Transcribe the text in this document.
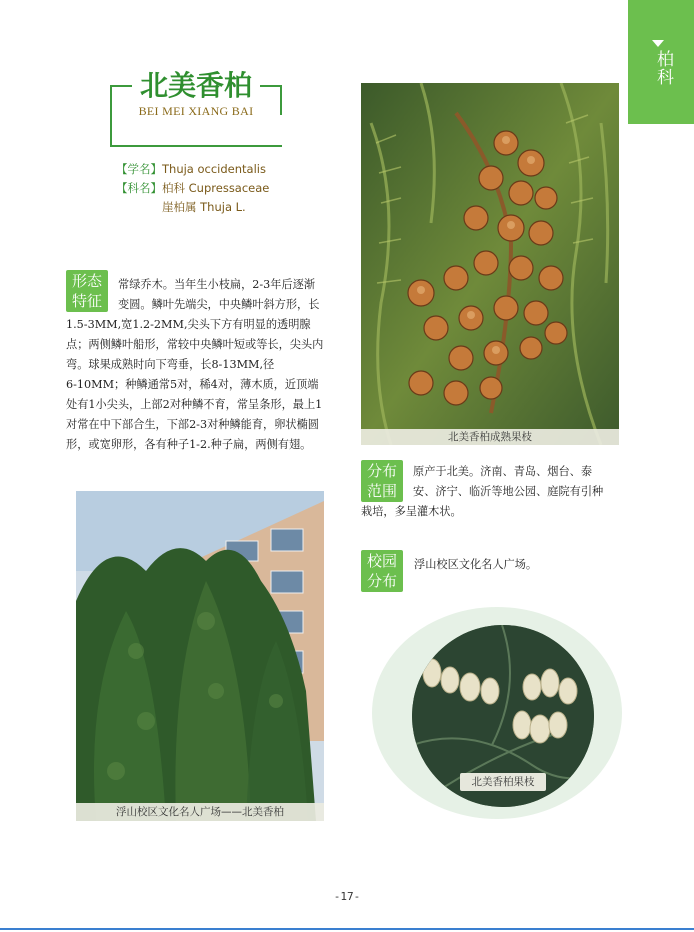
柏科
北美香柏
BEI MEI XIANG BAI
【学名】Thuja occidentalis
【科名】柏科 Cupressaceae
崖柏属 Thuja L.
形态
特征
常绿乔木。当年生小枝扁，2-3年后逐渐
变圆。鳞叶先端尖，中央鳞叶斜方形，长
1.5-3MM,宽1.2-2MM,尖头下方有明显的透明腺
点；两侧鳞叶船形，常较中央鳞叶短或等长，尖头内
弯。球果成熟时向下弯垂，长8-13MM,径
6-10MM；种鳞通常5对，稀4对，薄木质，近顶端
处有1小尖头，上部2对种鳞不育，常呈条形，最上1
对常在中下部合生，下部2-3对种鳞能育，卵状椭圆
形，或宽卵形，各有种子1-2.种子扁，两侧有翅。
北美香柏成熟果枝
分布
范围
原产于北美。济南、青岛、烟台、泰
安、济宁、临沂等地公园、庭院有引种
栽培，多呈灌木状。
校园
分布
浮山校区文化名人广场。
浮山校区文化名人广场——北美香柏
北美香柏果枝
-17-
